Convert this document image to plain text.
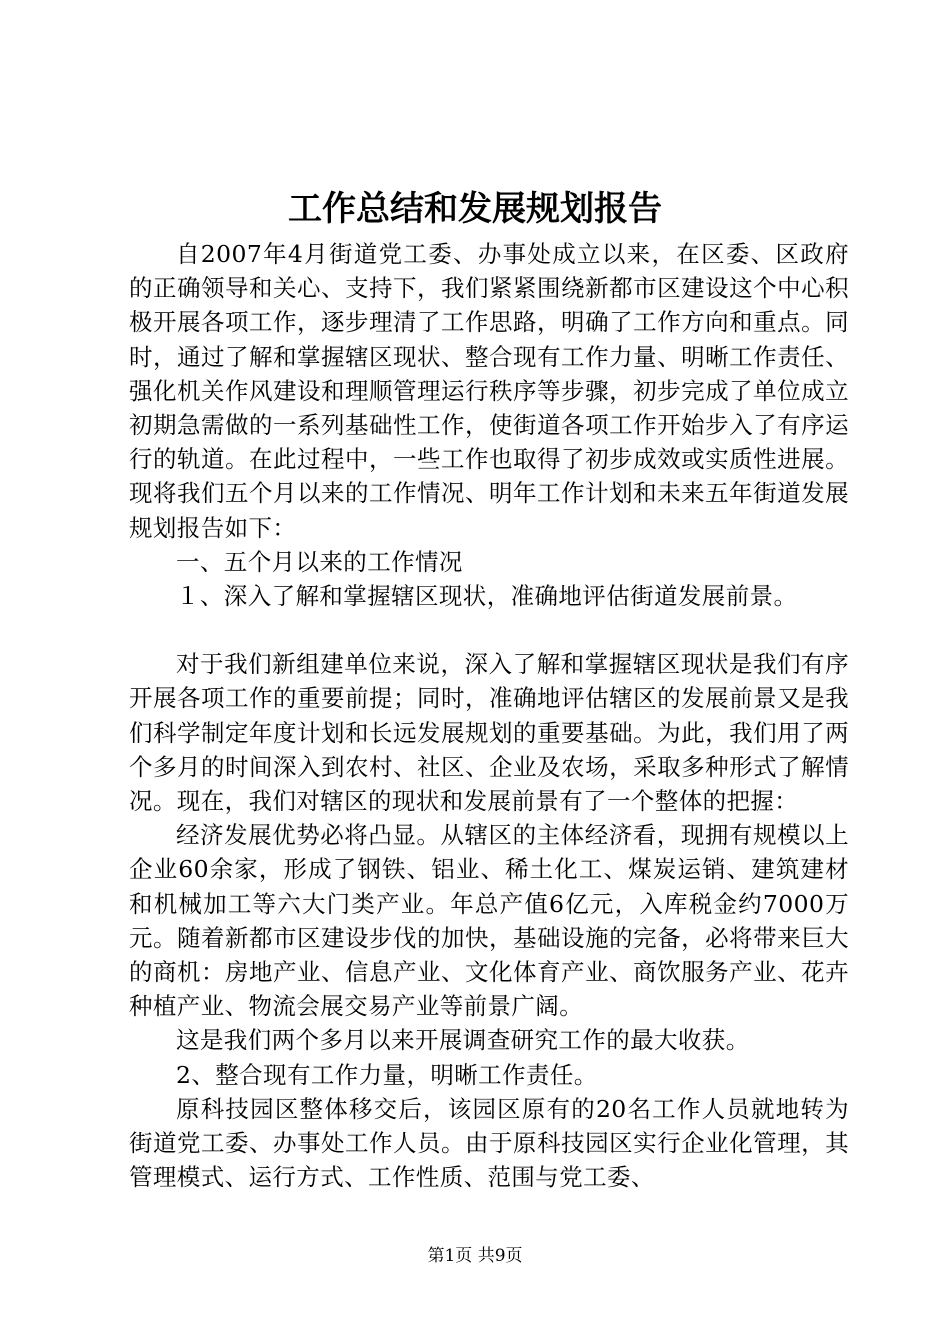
工作总结和发展规划报告

自2007年4月街道党工委、办事处成立以来，在区委、区政府的正确领导和关心、支持下，我们紧紧围绕新都市区建设这个中心积极开展各项工作，逐步理清了工作思路，明确了工作方向和重点。同时，通过了解和掌握辖区现状、整合现有工作力量、明晰工作责任、强化机关作风建设和理顺管理运行秩序等步骤，初步完成了单位成立初期急需做的一系列基础性工作，使街道各项工作开始步入了有序运行的轨道。在此过程中，一些工作也取得了初步成效或实质性进展。现将我们五个月以来的工作情况、明年工作计划和未来五年街道发展规划报告如下：

一、五个月以来的工作情况

１、深入了解和掌握辖区现状，准确地评估街道发展前景。

对于我们新组建单位来说，深入了解和掌握辖区现状是我们有序开展各项工作的重要前提；同时，准确地评估辖区的发展前景又是我们科学制定年度计划和长远发展规划的重要基础。为此，我们用了两个多月的时间深入到农村、社区、企业及农场，采取多种形式了解情况。现在，我们对辖区的现状和发展前景有了一个整体的把握：

经济发展优势必将凸显。从辖区的主体经济看，现拥有规模以上企业60余家，形成了钢铁、铝业、稀土化工、煤炭运销、建筑建材和机械加工等六大门类产业。年总产值6亿元，入库税金约7000万元。随着新都市区建设步伐的加快，基础设施的完备，必将带来巨大的商机：房地产业、信息产业、文化体育产业、商饮服务产业、花卉种植产业、物流会展交易产业等前景广阔。

这是我们两个多月以来开展调查研究工作的最大收获。

2、整合现有工作力量，明晰工作责任。

原科技园区整体移交后，该园区原有的20名工作人员就地转为街道党工委、办事处工作人员。由于原科技园区实行企业化管理，其管理模式、运行方式、工作性质、范围与党工委、

第1页 共9页
